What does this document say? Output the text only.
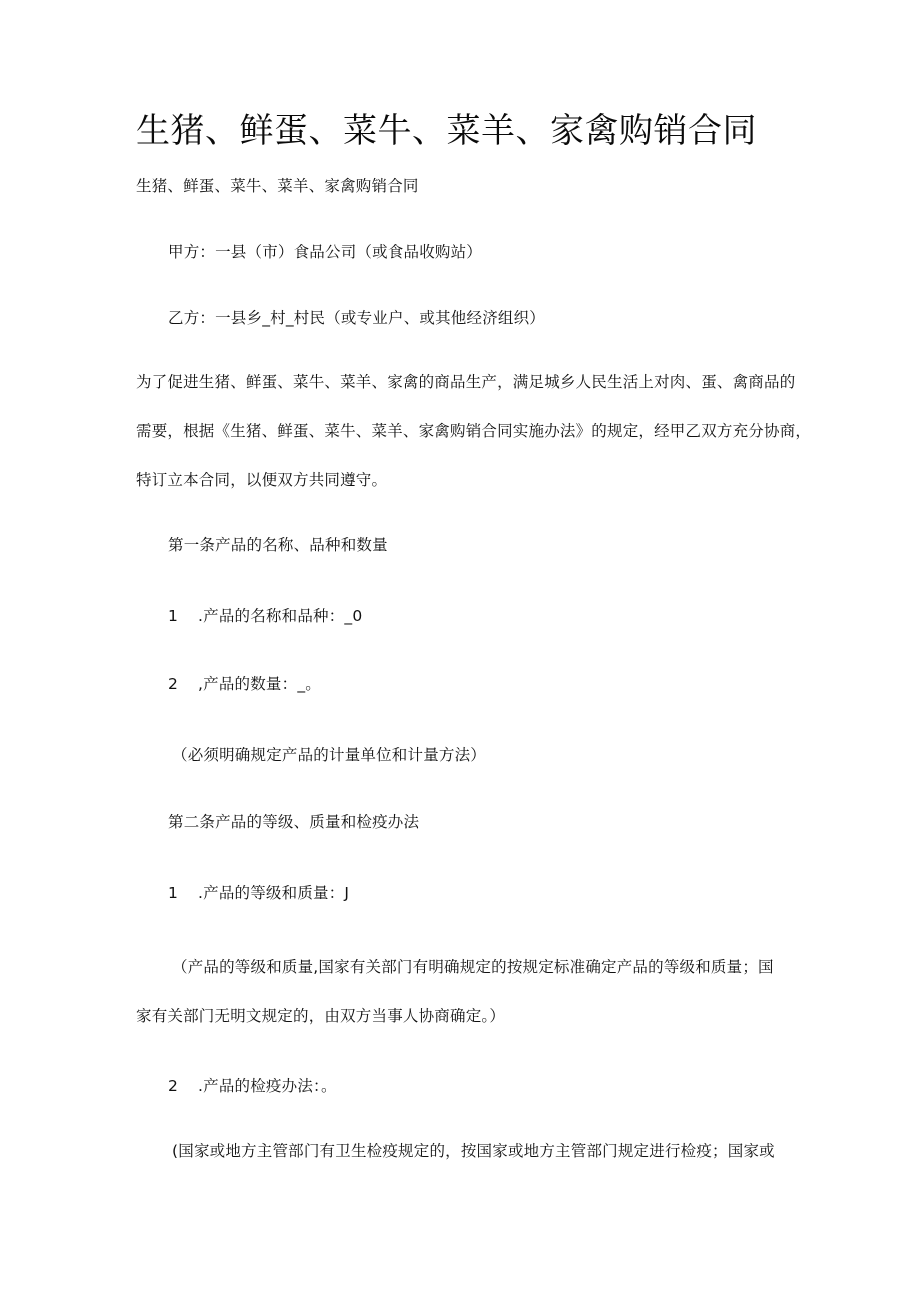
生猪、鲜蛋、菜牛、菜羊、家禽购销合同
生猪、鲜蛋、菜牛、菜羊、家禽购销合同
甲方：一县（市）食品公司（或食品收购站）
乙方：一县乡_村_村民（或专业户、或其他经济组织）
为了促进生猪、鲜蛋、菜牛、菜羊、家禽的商品生产，满足城乡人民生活上对肉、蛋、禽商品的
需要，根据《生猪、鲜蛋、菜牛、菜羊、家禽购销合同实施办法》的规定，经甲乙双方充分协商，
特订立本合同，以便双方共同遵守。
第一条产品的名称、品种和数量
1 .产品的名称和品种：_0
2 ,产品的数量：_。
（必须明确规定产品的计量单位和计量方法）
第二条产品的等级、质量和检疫办法
1 .产品的等级和质量：J
（产品的等级和质量,国家有关部门有明确规定的按规定标准确定产品的等级和质量；国
家有关部门无明文规定的，由双方当事人协商确定。）
2 .产品的检疫办法：。
(国家或地方主管部门有卫生检疫规定的，按国家或地方主管部门规定进行检疫；国家或
